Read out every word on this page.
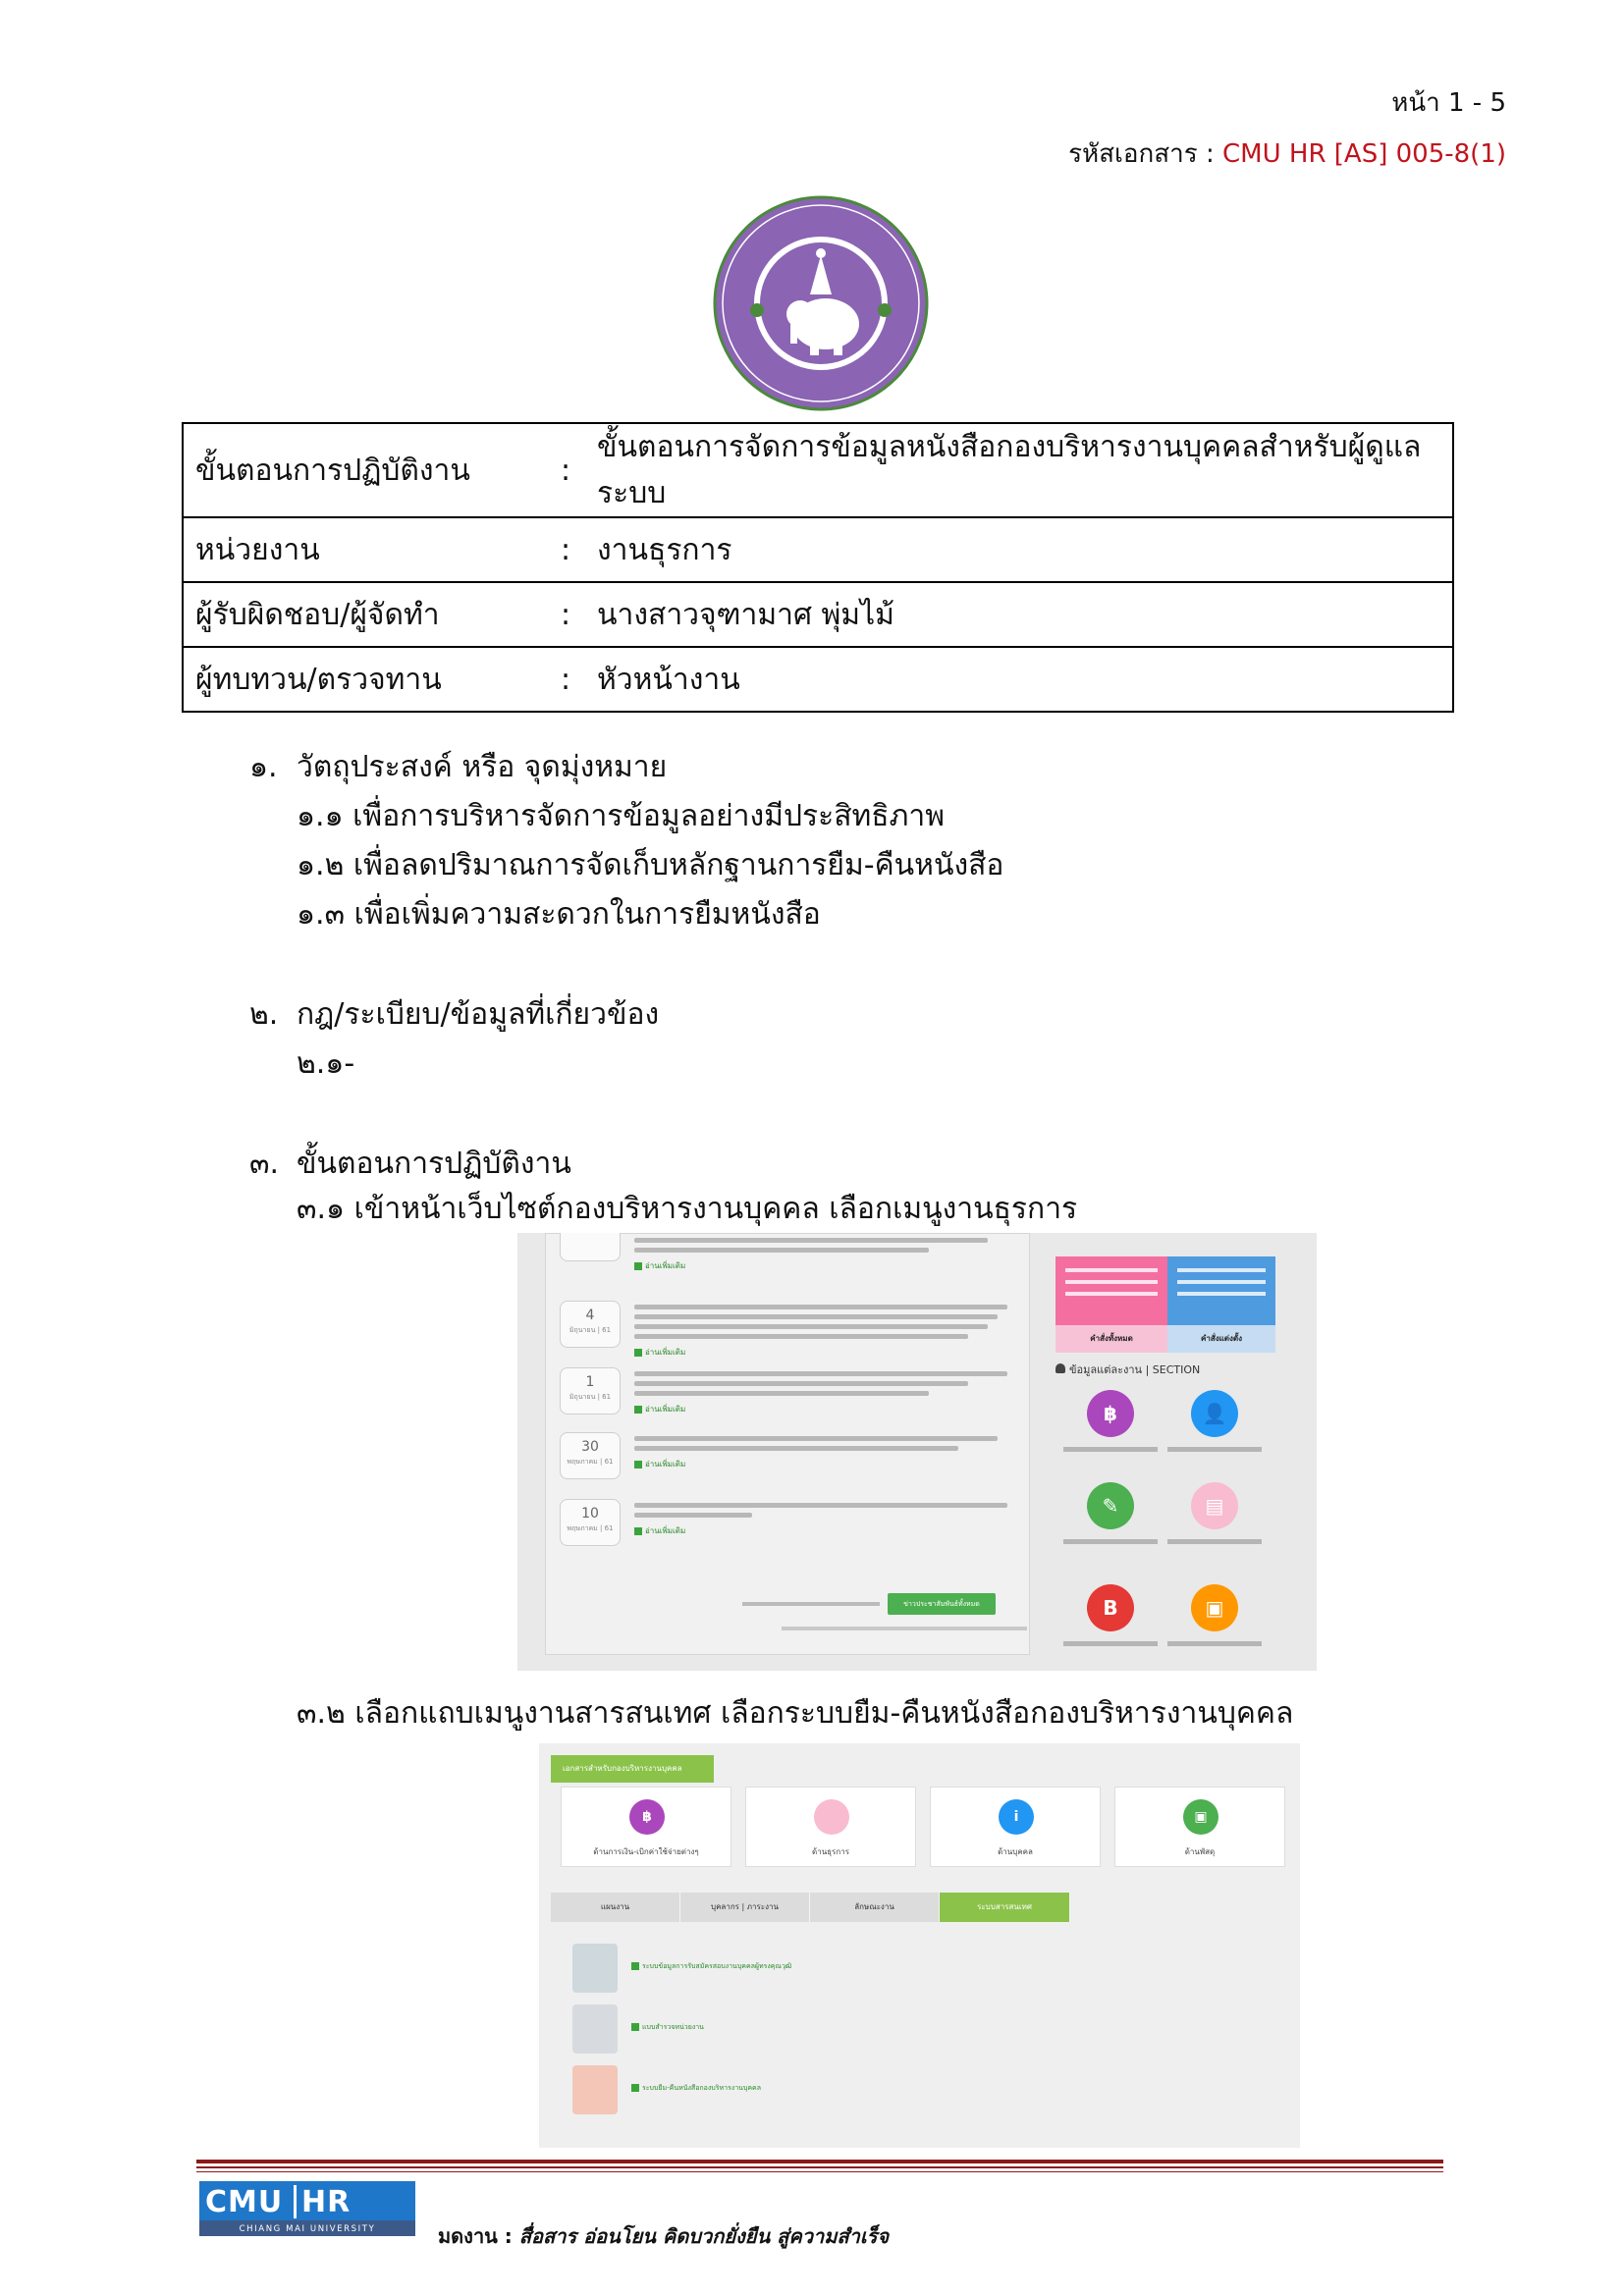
หน้า 1 - 5
รหัสเอกสาร : CMU HR [AS] 005-8(1)
ขั้นตอนการปฏิบัติงาน	:	ขั้นตอนการจัดการข้อมูลหนังสือกองบริหารงานบุคคลสำหรับผู้ดูแลระบบ
หน่วยงาน	:	งานธุรการ
ผู้รับผิดชอบ/ผู้จัดทำ	:	นางสาวจุฑามาศ พุ่มไม้
ผู้ทบทวน/ตรวจทาน	:	หัวหน้างาน
๑. วัตถุประสงค์ หรือ จุดมุ่งหมาย
๑.๑ เพื่อการบริหารจัดการข้อมูลอย่างมีประสิทธิภาพ
๑.๒ เพื่อลดปริมาณการจัดเก็บหลักฐานการยืม-คืนหนังสือ
๑.๓ เพื่อเพิ่มความสะดวกในการยืมหนังสือ
๒. กฎ/ระเบียบ/ข้อมูลที่เกี่ยวข้อง
๒.๑-
๓. ขั้นตอนการปฏิบัติงาน
๓.๑ เข้าหน้าเว็บไซต์กองบริหารงานบุคคล เลือกเมนูงานธุรการ
อ่านเพิ่มเติม
4
มิถุนายน | 61
อ่านเพิ่มเติม
1
มิถุนายน | 61
อ่านเพิ่มเติม
30
พฤษภาคม | 61	อ่านเพิ่มเติม
10
พฤษภาคม | 61	อ่านเพิ่มเติม
ข่าวประชาสัมพันธ์ทั้งหมด
คำสั่งทั้งหมด	คำสั่งแต่งตั้ง
ข้อมูลแต่ละงาน | SECTION
฿	👤
✎	▤
B	▣
๓.๒ เลือกแถบเมนูงานสารสนเทศ เลือกระบบยืม-คืนหนังสือกองบริหารงานบุคคล
เอกสารสำหรับกองบริหารงานบุคคล
฿
ด้านการเงิน-เบิกค่าใช้จ่ายต่างๆ	ด้านธุรการ
i
ด้านบุคคล
▣
ด้านพัสดุ
แผนงาน	บุคลากร | ภาระงาน	ลักษณะงาน	ระบบสารสนเทศ
ระบบข้อมูลการรับสมัครสอบงานบุคคลผู้ทรงคุณวุฒิ
แบบสำรวจหน่วยงาน
ระบบยืม-คืนหนังสือกองบริหารงานบุคคล
CMU HR
CHIANG MAI UNIVERSITY	มดงาน : สื่อสาร อ่อนโยน คิดบวกยั่งยืน สู่ความสำเร็จ
